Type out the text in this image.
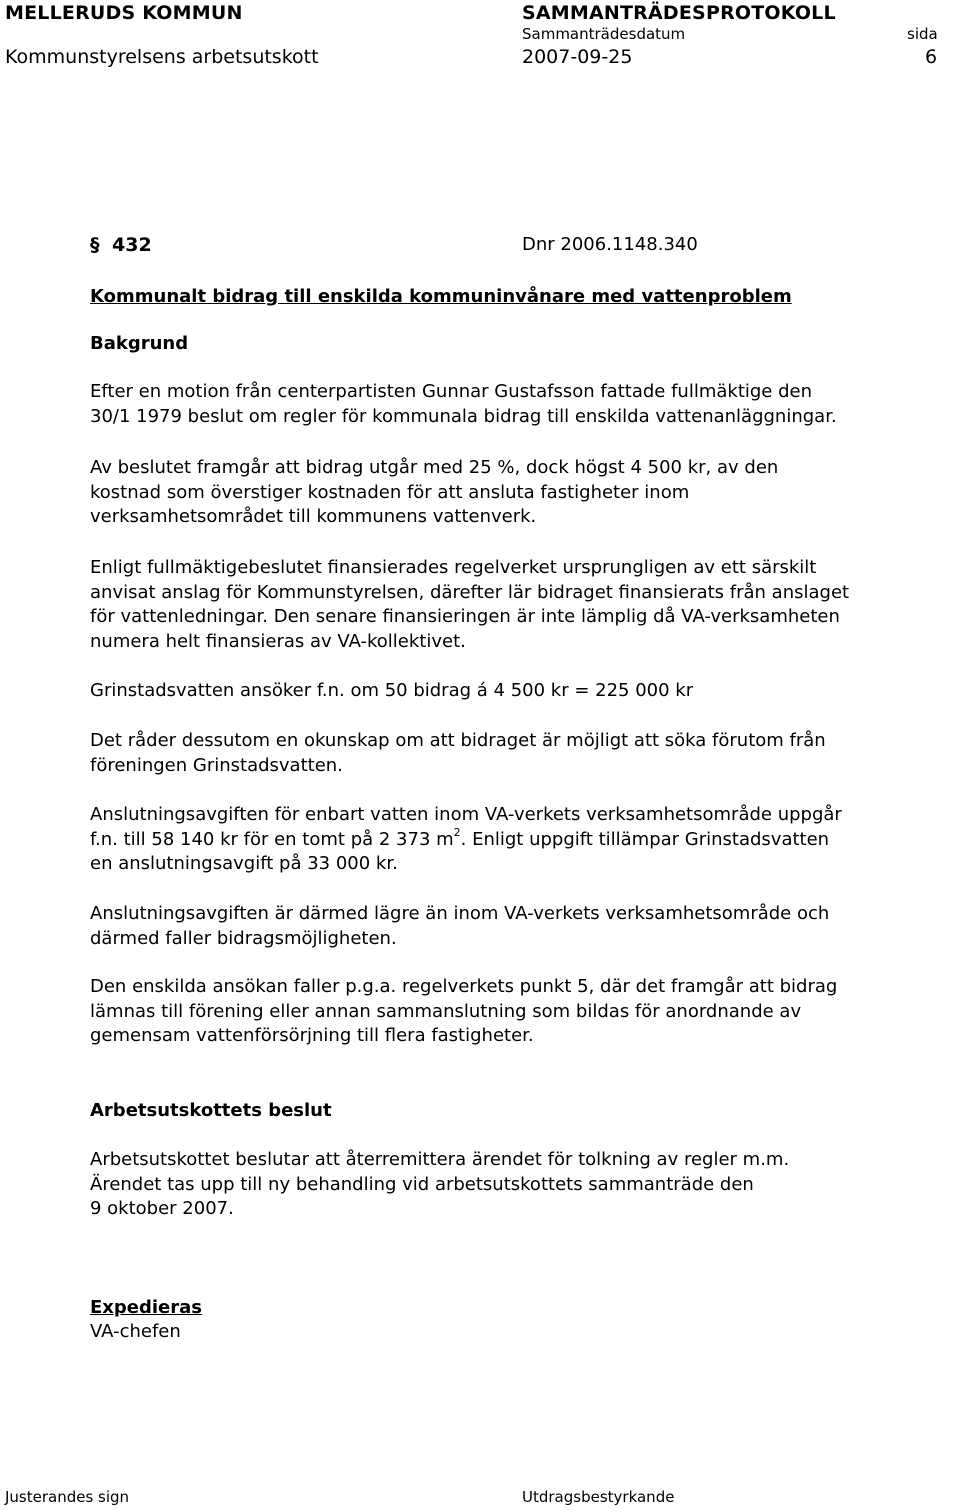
MELLERUDS KOMMUN	SAMMANTRÄDESPROTOKOLL
Sammanträdesdatum	sida
Kommunstyrelsens arbetsutskott	2007-09-25	6
§ 432	Dnr 2006.1148.340
Kommunalt bidrag till enskilda kommuninvånare med vattenproblem
Bakgrund
Efter en motion från centerpartisten Gunnar Gustafsson fattade fullmäktige den
30/1 1979 beslut om regler för kommunala bidrag till enskilda vattenanläggningar.
Av beslutet framgår att bidrag utgår med 25 %, dock högst 4 500 kr, av den
kostnad som överstiger kostnaden för att ansluta fastigheter inom
verksamhetsområdet till kommunens vattenverk.
Enligt fullmäktigebeslutet finansierades regelverket ursprungligen av ett särskilt
anvisat anslag för Kommunstyrelsen, därefter lär bidraget finansierats från anslaget
för vattenledningar. Den senare finansieringen är inte lämplig då VA-verksamheten
numera helt finansieras av VA-kollektivet.
Grinstadsvatten ansöker f.n. om 50 bidrag á 4 500 kr = 225 000 kr
Det råder dessutom en okunskap om att bidraget är möjligt att söka förutom från
föreningen Grinstadsvatten.
Anslutningsavgiften för enbart vatten inom VA-verkets verksamhetsområde uppgår
f.n. till 58 140 kr för en tomt på 2 373 $m^2$. Enligt uppgift tillämpar Grinstadsvatten
en anslutningsavgift på 33 000 kr.
Anslutningsavgiften är därmed lägre än inom VA-verkets verksamhetsområde och
därmed faller bidragsmöjligheten.
Den enskilda ansökan faller p.g.a. regelverkets punkt 5, där det framgår att bidrag
lämnas till förening eller annan sammanslutning som bildas för anordnande av
gemensam vattenförsörjning till flera fastigheter.
Arbetsutskottets beslut
Arbetsutskottet beslutar att återremittera ärendet för tolkning av regler m.m.
Ärendet tas upp till ny behandling vid arbetsutskottets sammanträde den
9 oktober 2007.
Expedieras
VA-chefen
Justerandes sign	Utdragsbestyrkande
